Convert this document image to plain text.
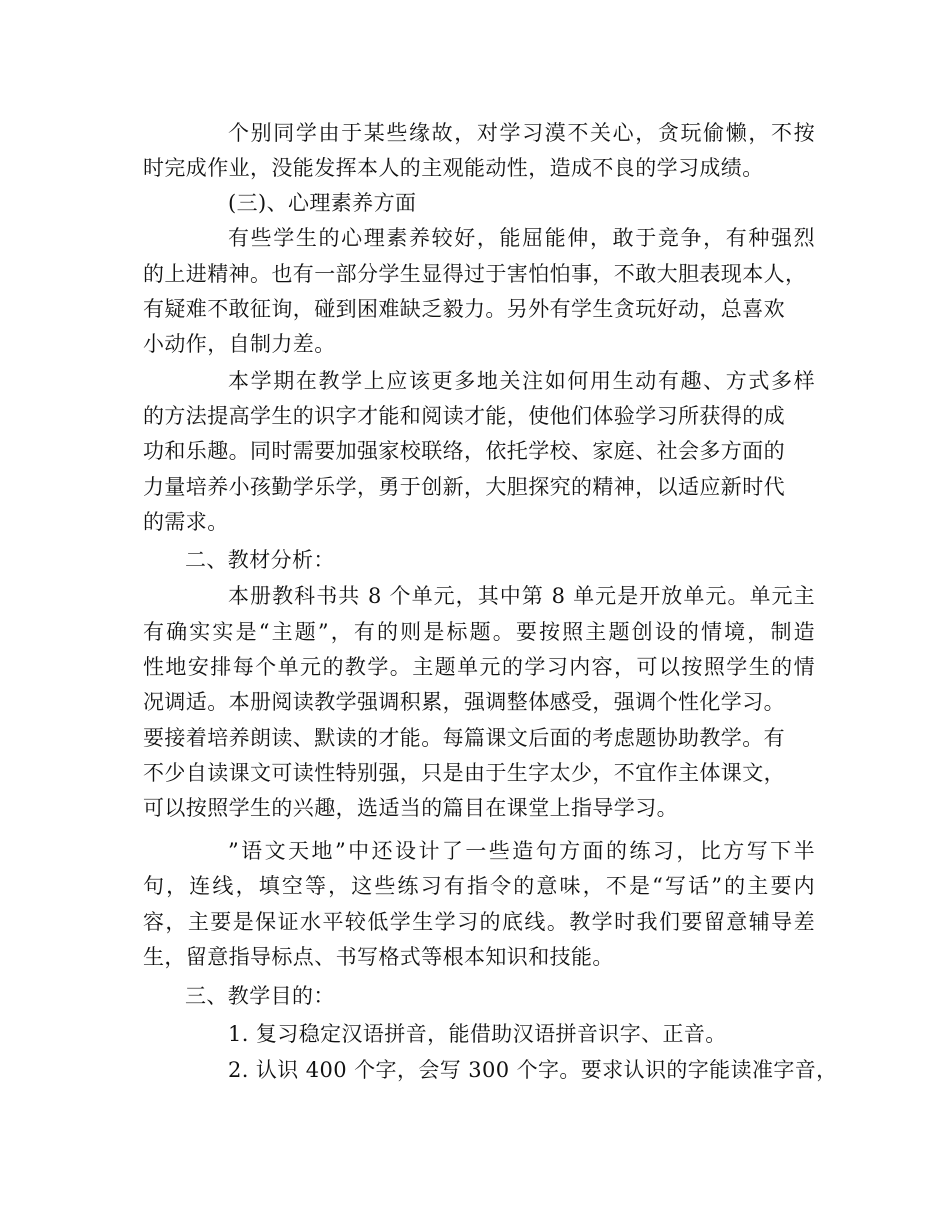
个别同学由于某些缘故，对学习漠不关心，贪玩偷懒，不按
时完成作业，没能发挥本人的主观能动性，造成不良的学习成绩。
(三)、心理素养方面
有些学生的心理素养较好，能屈能伸，敢于竞争，有种强烈
的上进精神。也有一部分学生显得过于害怕怕事，不敢大胆表现本人，
有疑难不敢征询，碰到困难缺乏毅力。另外有学生贪玩好动，总喜欢
小动作，自制力差。
本学期在教学上应该更多地关注如何用生动有趣、方式多样
的方法提高学生的识字才能和阅读才能，使他们体验学习所获得的成
功和乐趣。同时需要加强家校联络，依托学校、家庭、社会多方面的
力量培养小孩勤学乐学，勇于创新，大胆探究的精神，以适应新时代
的需求。
二、教材分析：
本册教科书共 8 个单元，其中第 8 单元是开放单元。单元主
有确实实是“主题”，有的则是标题。要按照主题创设的情境，制造
性地安排每个单元的教学。主题单元的学习内容，可以按照学生的情
况调适。本册阅读教学强调积累，强调整体感受，强调个性化学习。
要接着培养朗读、默读的才能。每篇课文后面的考虑题协助教学。有
不少自读课文可读性特别强，只是由于生字太少，不宜作主体课文，
可以按照学生的兴趣，选适当的篇目在课堂上指导学习。
”语文天地”中还设计了一些造句方面的练习，比方写下半
句，连线，填空等，这些练习有指令的意味，不是“写话”的主要内
容，主要是保证水平较低学生学习的底线。教学时我们要留意辅导差
生，留意指导标点、书写格式等根本知识和技能。
三、教学目的：
1. 复习稳定汉语拼音，能借助汉语拼音识字、正音。
2. 认识 400 个字，会写 300 个字。要求认识的字能读准字音，
